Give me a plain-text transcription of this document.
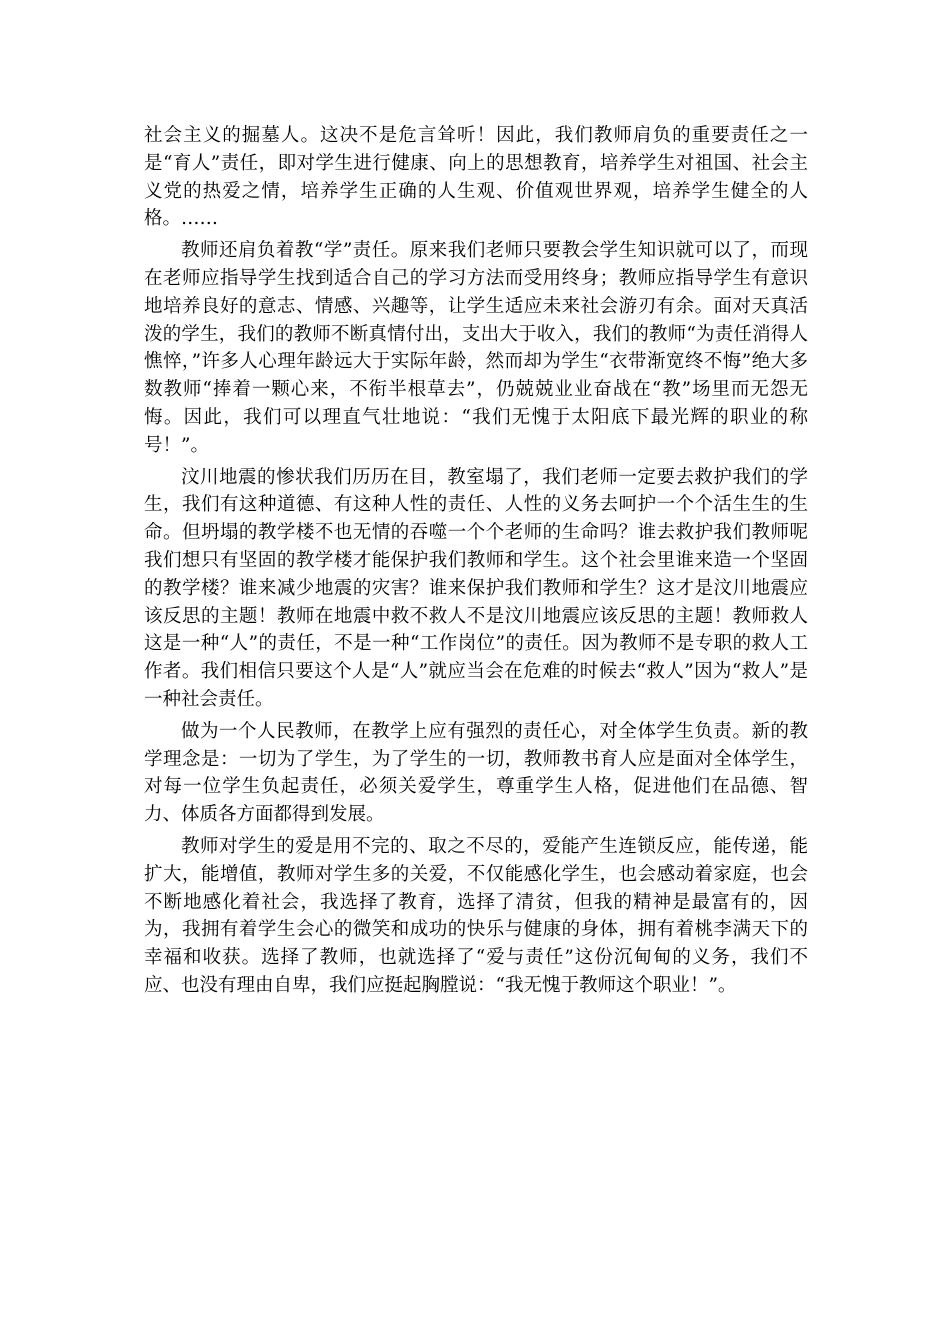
社会主义的掘墓人。这决不是危言耸听！因此，我们教师肩负的重要责任之一是“育人”责任，即对学生进行健康、向上的思想教育，培养学生对祖国、社会主义党的热爱之情，培养学生正确的人生观、价值观世界观，培养学生健全的人格。……

教师还肩负着教“学”责任。原来我们老师只要教会学生知识就可以了，而现在老师应指导学生找到适合自己的学习方法而受用终身；教师应指导学生有意识地培养良好的意志、情感、兴趣等，让学生适应未来社会游刃有余。面对天真活泼的学生，我们的教师不断真情付出，支出大于收入，我们的教师“为责任消得人憔悴，”许多人心理年龄远大于实际年龄，然而却为学生“衣带渐宽终不悔”绝大多数教师“捧着一颗心来，不衔半根草去”，仍兢兢业业奋战在“教”场里而无怨无悔。因此，我们可以理直气壮地说：“我们无愧于太阳底下最光辉的职业的称号！”。

汶川地震的惨状我们历历在目，教室塌了，我们老师一定要去救护我们的学生，我们有这种道德、有这种人性的责任、人性的义务去呵护一个个活生生的生命。但坍塌的教学楼不也无情的吞噬一个个老师的生命吗？谁去救护我们教师呢我们想只有坚固的教学楼才能保护我们教师和学生。这个社会里谁来造一个坚固的教学楼？谁来减少地震的灾害？谁来保护我们教师和学生？这才是汶川地震应该反思的主题！教师在地震中救不救人不是汶川地震应该反思的主题！教师救人这是一种“人”的责任，不是一种“工作岗位”的责任。因为教师不是专职的救人工作者。我们相信只要这个人是“人”就应当会在危难的时候去“救人”因为“救人”是一种社会责任。

做为一个人民教师，在教学上应有强烈的责任心，对全体学生负责。新的教学理念是：一切为了学生，为了学生的一切，教师教书育人应是面对全体学生，对每一位学生负起责任，必须关爱学生，尊重学生人格，促进他们在品德、智力、体质各方面都得到发展。

教师对学生的爱是用不完的、取之不尽的，爱能产生连锁反应，能传递，能扩大，能增值，教师对学生多的关爱，不仅能感化学生，也会感动着家庭，也会不断地感化着社会，我选择了教育，选择了清贫，但我的精神是最富有的，因为，我拥有着学生会心的微笑和成功的快乐与健康的身体，拥有着桃李满天下的幸福和收获。选择了教师，也就选择了“爱与责任”这份沉甸甸的义务，我们不应、也没有理由自卑，我们应挺起胸膛说：“我无愧于教师这个职业！”。
